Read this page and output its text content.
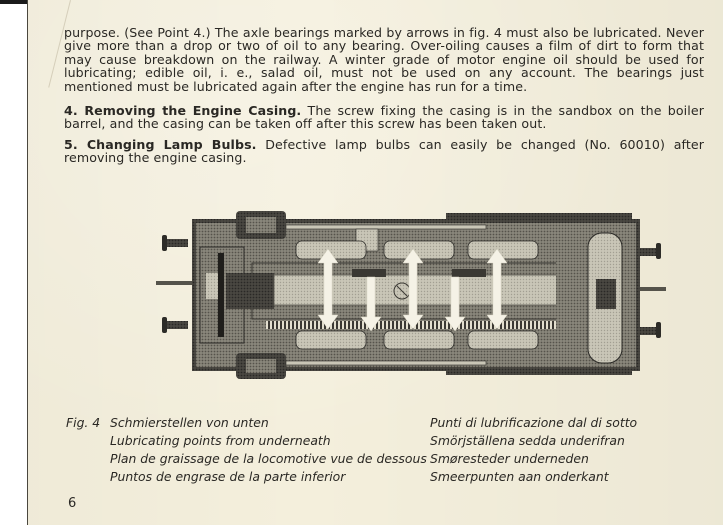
purpose. (See Point 4.) The axle bearings marked by arrows in fig. 4 must also be lubricated. Never give more than a drop or two of oil to any bearing. Over-oiling causes a film of dirt to form that may cause breakdown on the railway. A winter grade of motor engine oil should be used for lubricating; edible oil, i. e., salad oil, must not be used on any account. The bearings just mentioned must be lubricated again after the engine has run for a time.

4. Removing the Engine Casing. The screw fixing the casing is in the sandbox on the boiler barrel, and the casing can be taken off after this screw has been taken out.

5. Changing Lamp Bulbs. Defective lamp bulbs can easily be changed (No. 60010) after removing the engine casing.

Fig. 4 Schmierstellen von unten
Lubricating points from underneath
Plan de graissage de la locomotive vue de dessous
Puntos de engrase de la parte inferior
Punti di lubrificazione dal di sotto
Smörjställena sedda underifran
Smøresteder underneden
Smeerpunten aan onderkant
6
